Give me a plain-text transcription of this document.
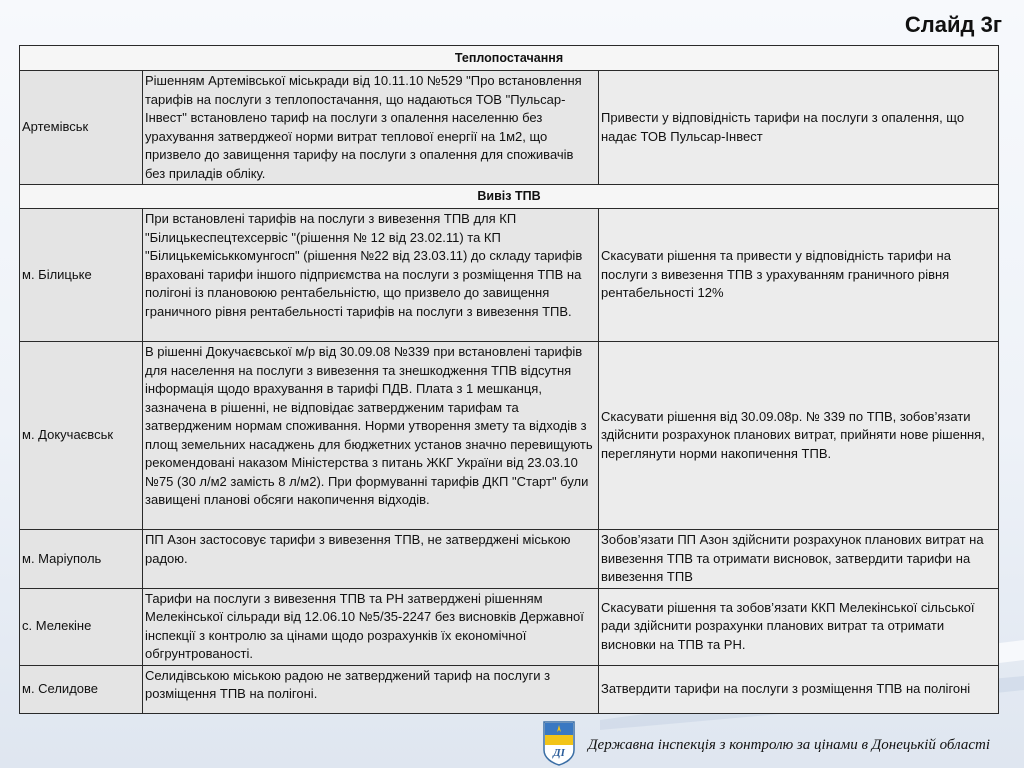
Слайд 3г
Теплопостачання		
Артемівськ	Рішенням Артемівської міськради від 10.11.10 №529 "Про встановлення тарифів на послуги з теплопостачання, що надаються ТОВ "Пульсар-Інвест" встановлено тариф на послуги з опалення населенню без урахування затверджеої норми витрат теплової енергії на 1м2, що призвело до завищення тарифу на послуги з опалення для споживачів без приладів обліку.	Привести у відповідність тарифи на послуги з опалення, що надає ТОВ Пульсар-Інвест
Вивіз ТПВ		
м. Білицьке	При встановлені тарифів на послуги з вивезення ТПВ для КП "Білицькеспецтехсервіс "(рішення № 12 від 23.02.11) та КП "Білицькеміськкомунгосп" (рішення №22 від 23.03.11) до складу тарифів враховані тарифи іншого підприємства на послуги з розміщення ТПВ на полігоні із плановоюю рентабельністю, що призвело до завищення граничного рівня рентабельності тарифів на послуги з вивезення ТПВ.	Скасувати рішення та привести у відповідність тарифи на послуги з вивезення ТПВ з урахуванням граничного рівня рентабельності 12%
м. Докучаєвськ	В рішенні Докучаєвської м/р від 30.09.08 №339 при встановлені тарифів для населення на послуги з вивезення та знешкодження ТПВ відсутня інформація щодо врахування в тарифі ПДВ. Плата з 1 мешканця, зазначена в рішенні, не відповідає затвердженим тарифам та затвердженим нормам споживання. Норми утворення змету та відходів з площ земельних насаджень для бюджетних установ значно перевищують рекомендовані наказом Міністерства з питань ЖКГ України від 23.03.10 №75 (30 л/м2 замість 8 л/м2). При формуванні тарифів ДКП "Старт" були завищені планові обсяги накопичення відходів.	Скасувати рішення від 30.09.08р. № 339 по ТПВ, зобов’язати здійснити розрахунок планових витрат, прийняти нове рішення, переглянути норми накопичення ТПВ.
м. Маріуполь	ПП Азон застосовує тарифи з вивезення ТПВ, не затверджені міською радою.	Зобов’язати ПП Азон здійснити розрахунок планових витрат на вивезення ТПВ та отримати висновок, затвердити тарифи на вивезення ТПВ
с. Мелекіне	Тарифи на послуги з вивезення ТПВ та РН затверджені рішенням Мелекінської сільради від 12.06.10 №5/35-2247 без висновків Державної інспекції з контролю за цінами щодо розрахунків їх економічної обгрунтрованості.	Скасувати рішення та зобов’язати ККП Мелекінської сільської ради здійснити розрахунки планових витрат та отримати висновки на ТПВ та РН.
м. Селидове	Селидівською міською радою не затверджений тариф на послуги з розміщення ТПВ на полігоні.	Затвердити тарифи на послуги з розміщення ТПВ на полігоні
ДІ Державна інспекція з контролю за цінами в Донецькій області
